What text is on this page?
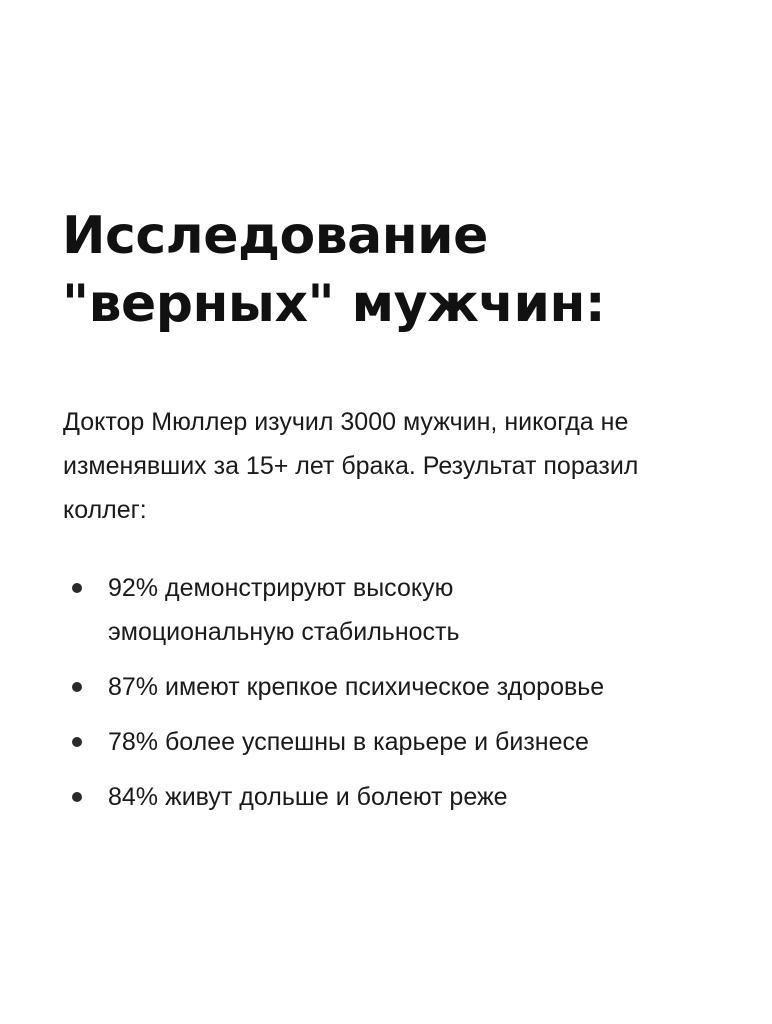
Исследование
"верных" мужчин:

Доктор Мюллер изучил 3000 мужчин, никогда не
изменявших за 15+ лет брака. Результат поразил
коллег:

92% демонстрируют высокую
эмоциональную стабильность
87% имеют крепкое психическое здоровье
78% более успешны в карьере и бизнесе
84% живут дольше и болеют реже
